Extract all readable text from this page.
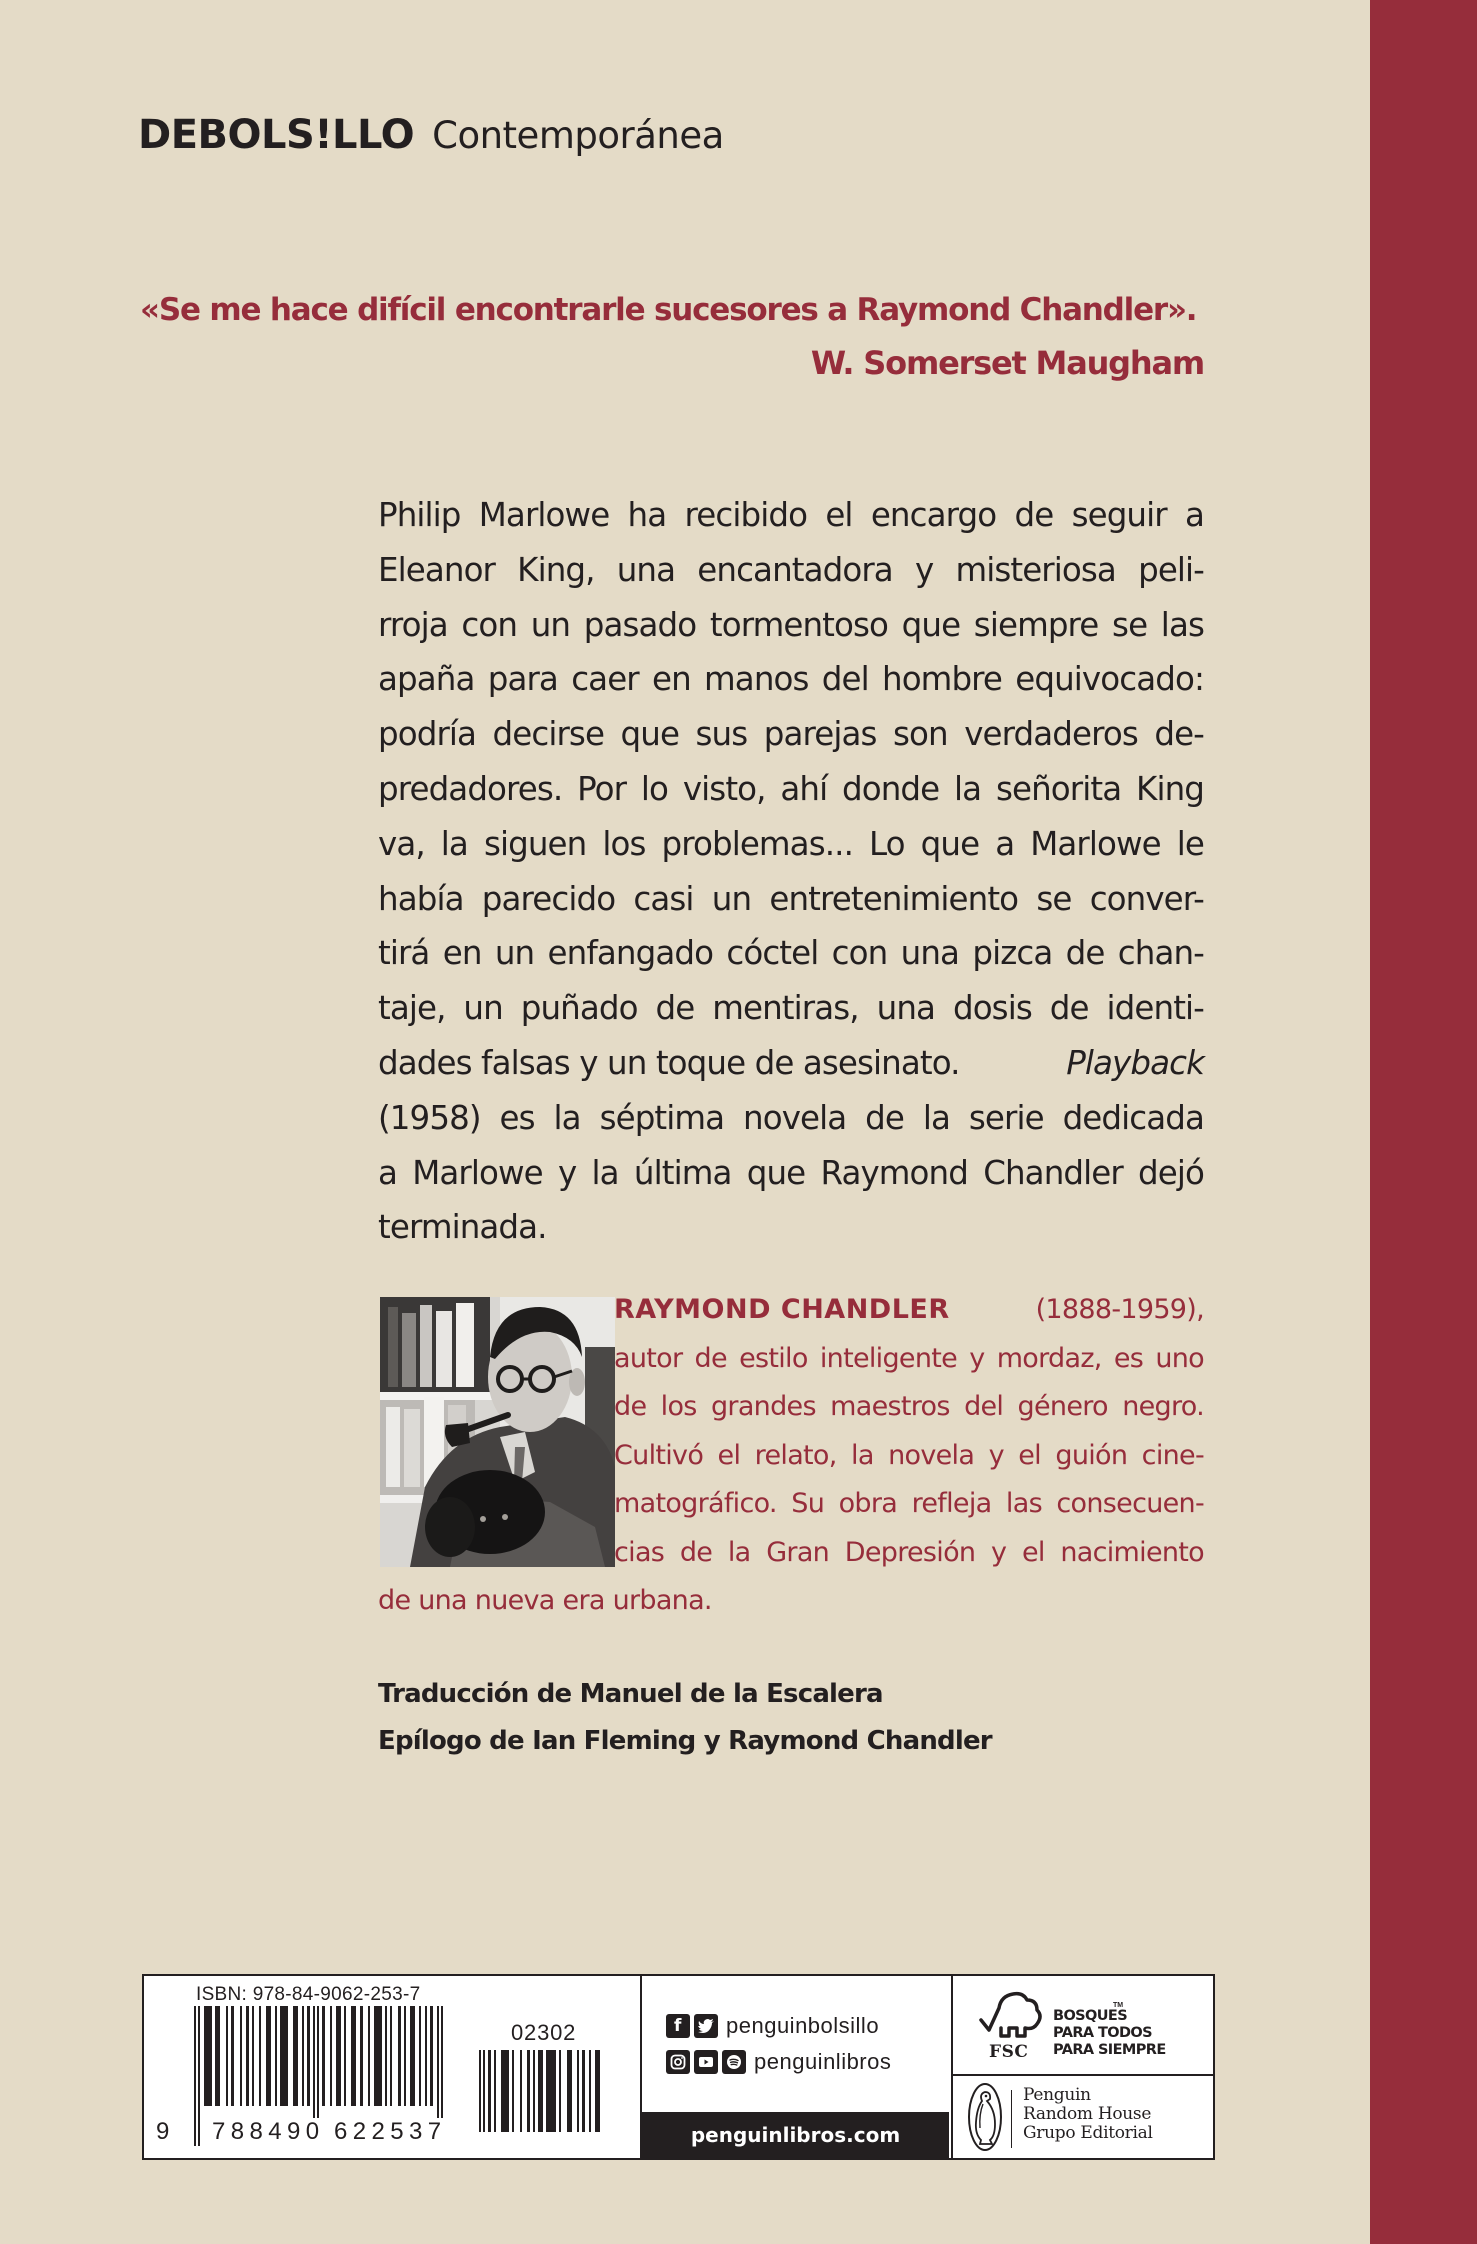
DEBOLS!LLO Contemporánea
«Se me hace difícil encontrarle sucesores a Raymond Chandler».
W. Somerset Maugham
Philip Marlowe ha recibido el encargo de seguir a
Eleanor King, una encantadora y misteriosa peli-
rroja con un pasado tormentoso que siempre se las
apaña para caer en manos del hombre equivocado:
podría decirse que sus parejas son verdaderos de-
predadores. Por lo visto, ahí donde la señorita King
va, la siguen los problemas... Lo que a Marlowe le
había parecido casi un entretenimiento se conver-
tirá en un enfangado cóctel con una pizca de chan-
taje, un puñado de mentiras, una dosis de identi-
dades falsas y un toque de asesinato.	Playback
(1958) es la séptima novela de la serie dedicada
a Marlowe y la última que Raymond Chandler dejó
terminada.
RAYMOND CHANDLER	(1888-1959),
autor de estilo inteligente y mordaz, es uno
de los grandes maestros del género negro.
Cultivó el relato, la novela y el guión cine-
matográfico. Su obra refleja las consecuen-
cias de la Gran Depresión y el nacimiento
de una nueva era urbana.
Traducción de Manuel de la Escalera
Epílogo de Ian Fleming y Raymond Chandler
ISBN: 978-84-9062-253-7
9 788490 622537
02302	f	penguinbolsillo
penguinlibros
penguinlibros.com
FSC
BOSQUES
PARA TODOS
PARA SIEMPRE
TM
Penguin
Random House
Grupo Editorial
